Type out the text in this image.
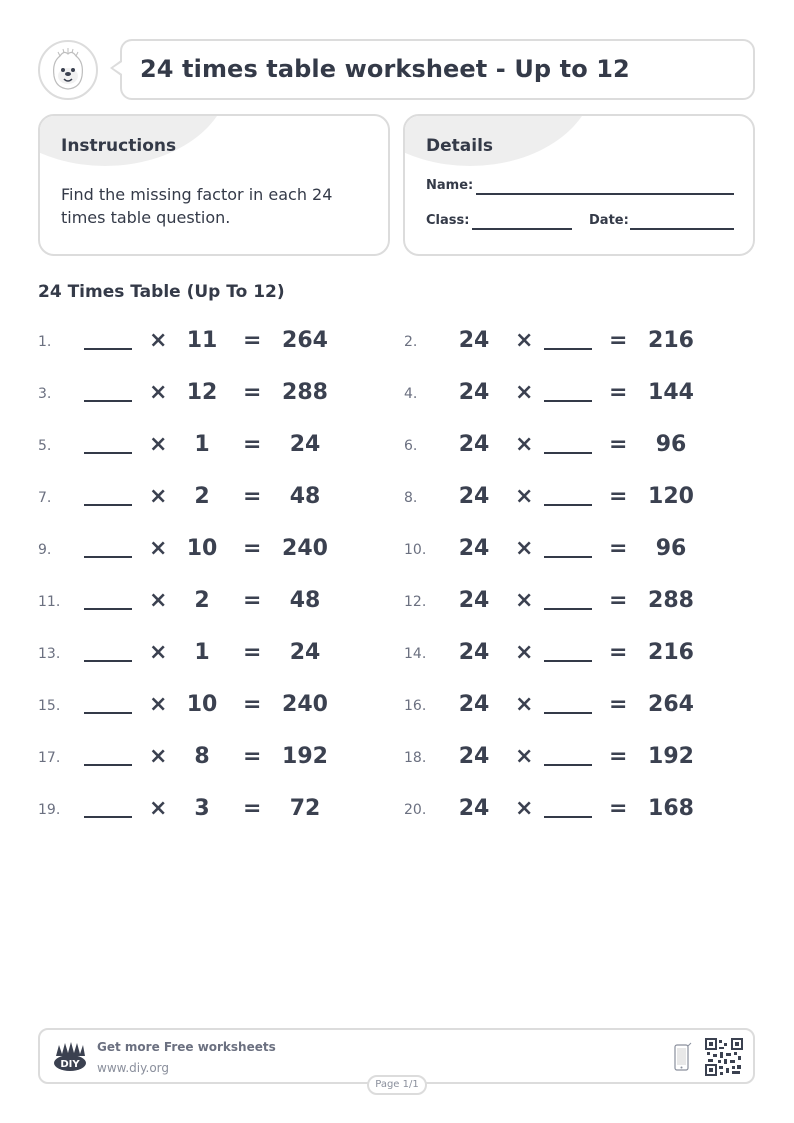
24 times table worksheet - Up to 12
Instructions
Find the missing factor in each 24 times table question.
Details
Name:
Class:	Date:
24 Times Table (Up To 12)
1.	× 11	= 264	2.	24	×	= 216
3.	× 12	= 288	4.	24	×	= 144
5.	×	1	=	24	6.	24	×	=	96
7.	×	2	=	48	8.	24	×	= 120
9.	× 10	= 240	10.	24	×	=	96
11.	×	2	=	48	12.	24	×	= 288
13.	×	1	=	24	14.	24	×	= 216
15.	× 10	= 240	16.	24	×	= 264
17.	×	8	= 192	18.	24	×	= 192
19.	×	3	=	72	20.	24	×	= 168
DIY
Get more Free worksheets
www.diy.org
Page 1/1
